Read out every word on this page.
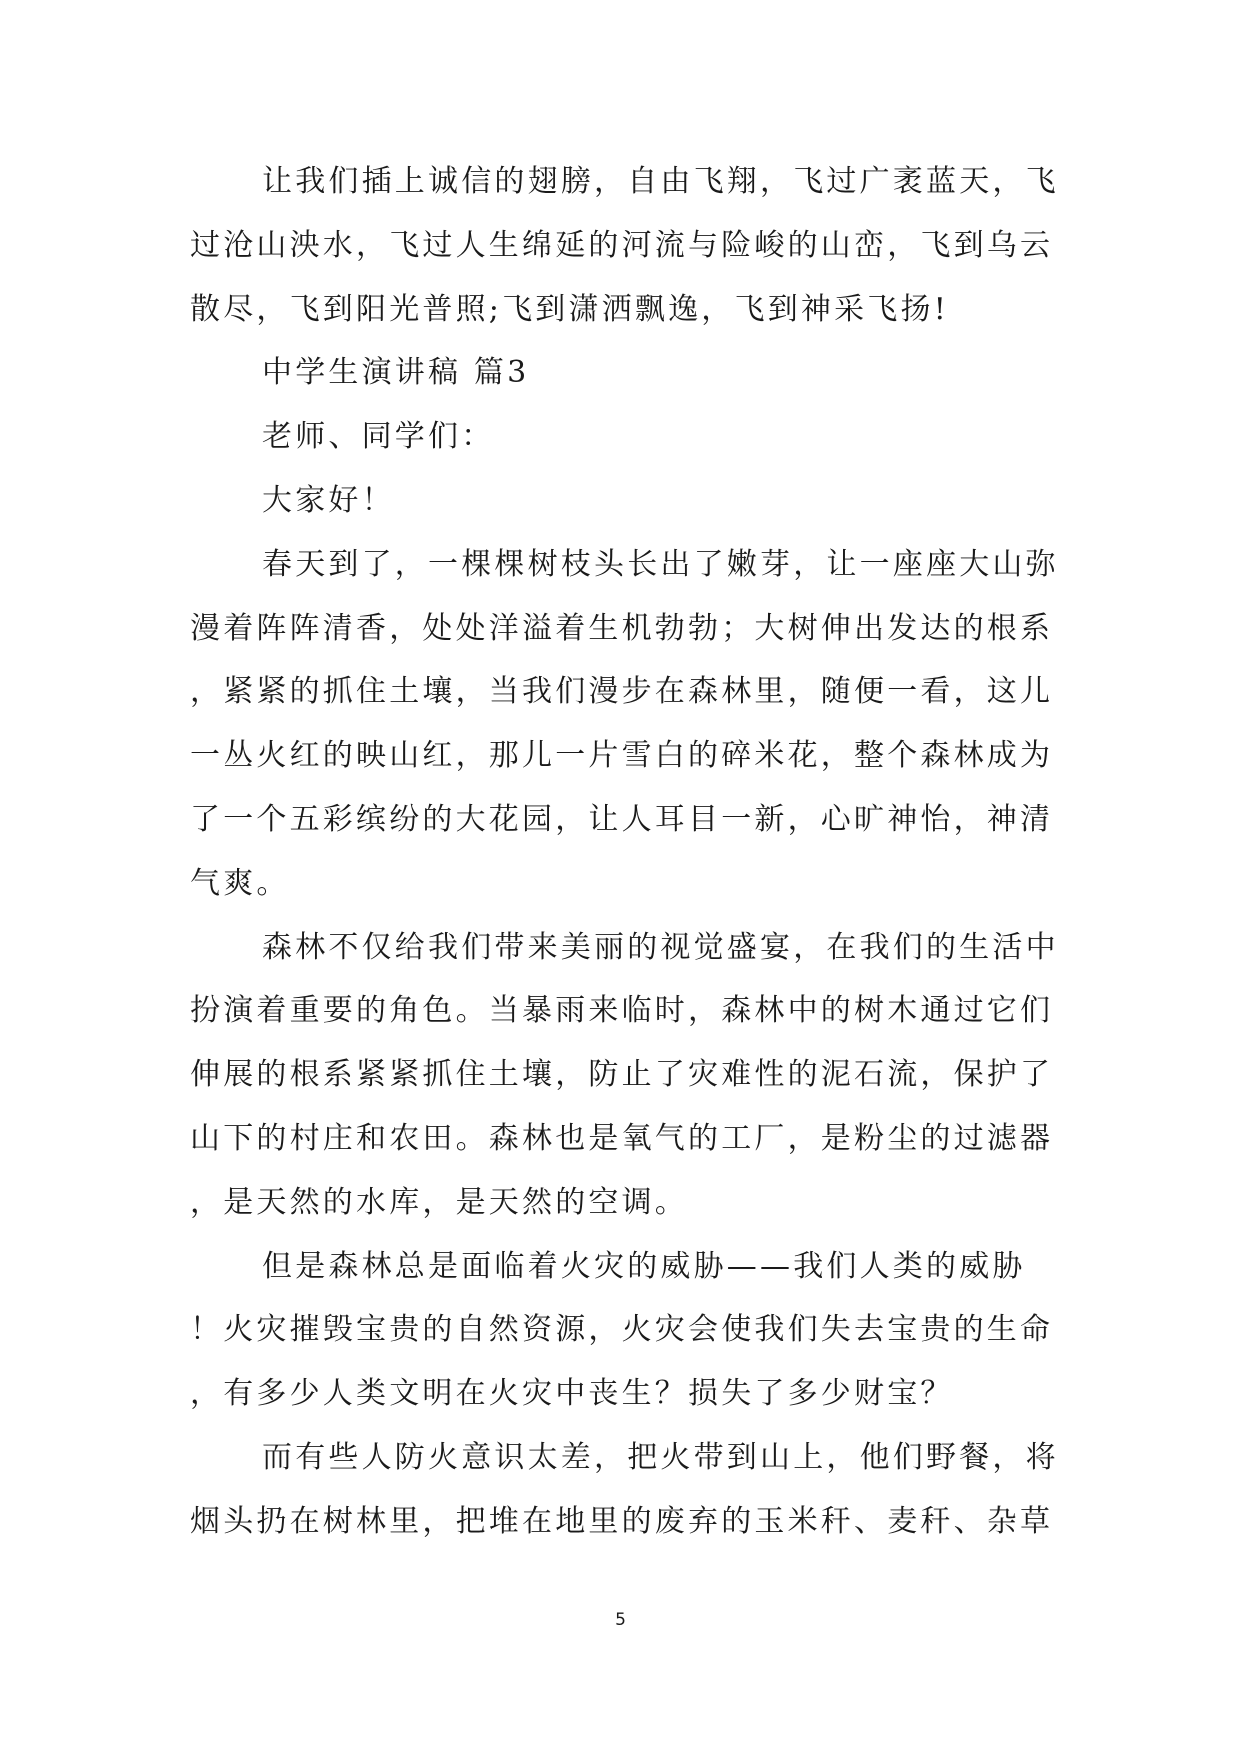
让我们插上诚信的翅膀，自由飞翔，飞过广袤蓝天，飞
过沧山泱水，飞过人生绵延的河流与险峻的山峦，飞到乌云
散尽，飞到阳光普照;飞到潇洒飘逸，飞到神采飞扬!
中学生演讲稿 篇3
老师、同学们：
大家好！
春天到了，一棵棵树枝头长出了嫩芽，让一座座大山弥
漫着阵阵清香，处处洋溢着生机勃勃；大树伸出发达的根系
，紧紧的抓住土壤，当我们漫步在森林里，随便一看，这儿
一丛火红的映山红，那儿一片雪白的碎米花，整个森林成为
了一个五彩缤纷的大花园，让人耳目一新，心旷神怡，神清
气爽。
森林不仅给我们带来美丽的视觉盛宴，在我们的生活中
扮演着重要的角色。当暴雨来临时，森林中的树木通过它们
伸展的根系紧紧抓住土壤，防止了灾难性的泥石流，保护了
山下的村庄和农田。森林也是氧气的工厂，是粉尘的过滤器
，是天然的水库，是天然的空调。
但是森林总是面临着火灾的威胁——我们人类的威胁
！火灾摧毁宝贵的自然资源，火灾会使我们失去宝贵的生命
，有多少人类文明在火灾中丧生？损失了多少财宝？
而有些人防火意识太差，把火带到山上，他们野餐，将
烟头扔在树林里，把堆在地里的废弃的玉米秆、麦秆、杂草
5
